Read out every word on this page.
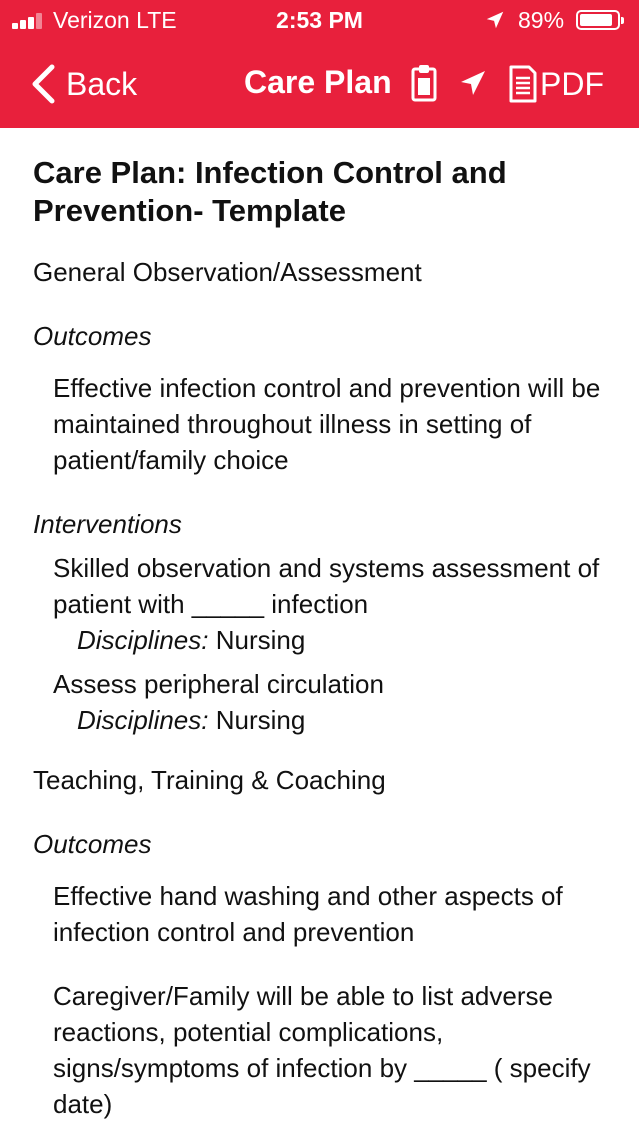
Verizon LTE	2:53 PM	89%
Back	Care Plan	PDF
Care Plan: Infection Control and Prevention- Template
General Observation/Assessment
Outcomes
Effective infection control and prevention will be maintained throughout illness in setting of patient/family choice
Interventions
Skilled observation and systems assessment of patient with _____ infection
Disciplines: Nursing
Assess peripheral circulation
Disciplines: Nursing
Teaching, Training & Coaching
Outcomes
Effective hand washing and other aspects of infection control and prevention
Caregiver/Family will be able to list adverse reactions, potential complications, signs/symptoms of infection by _____ ( specify date)
